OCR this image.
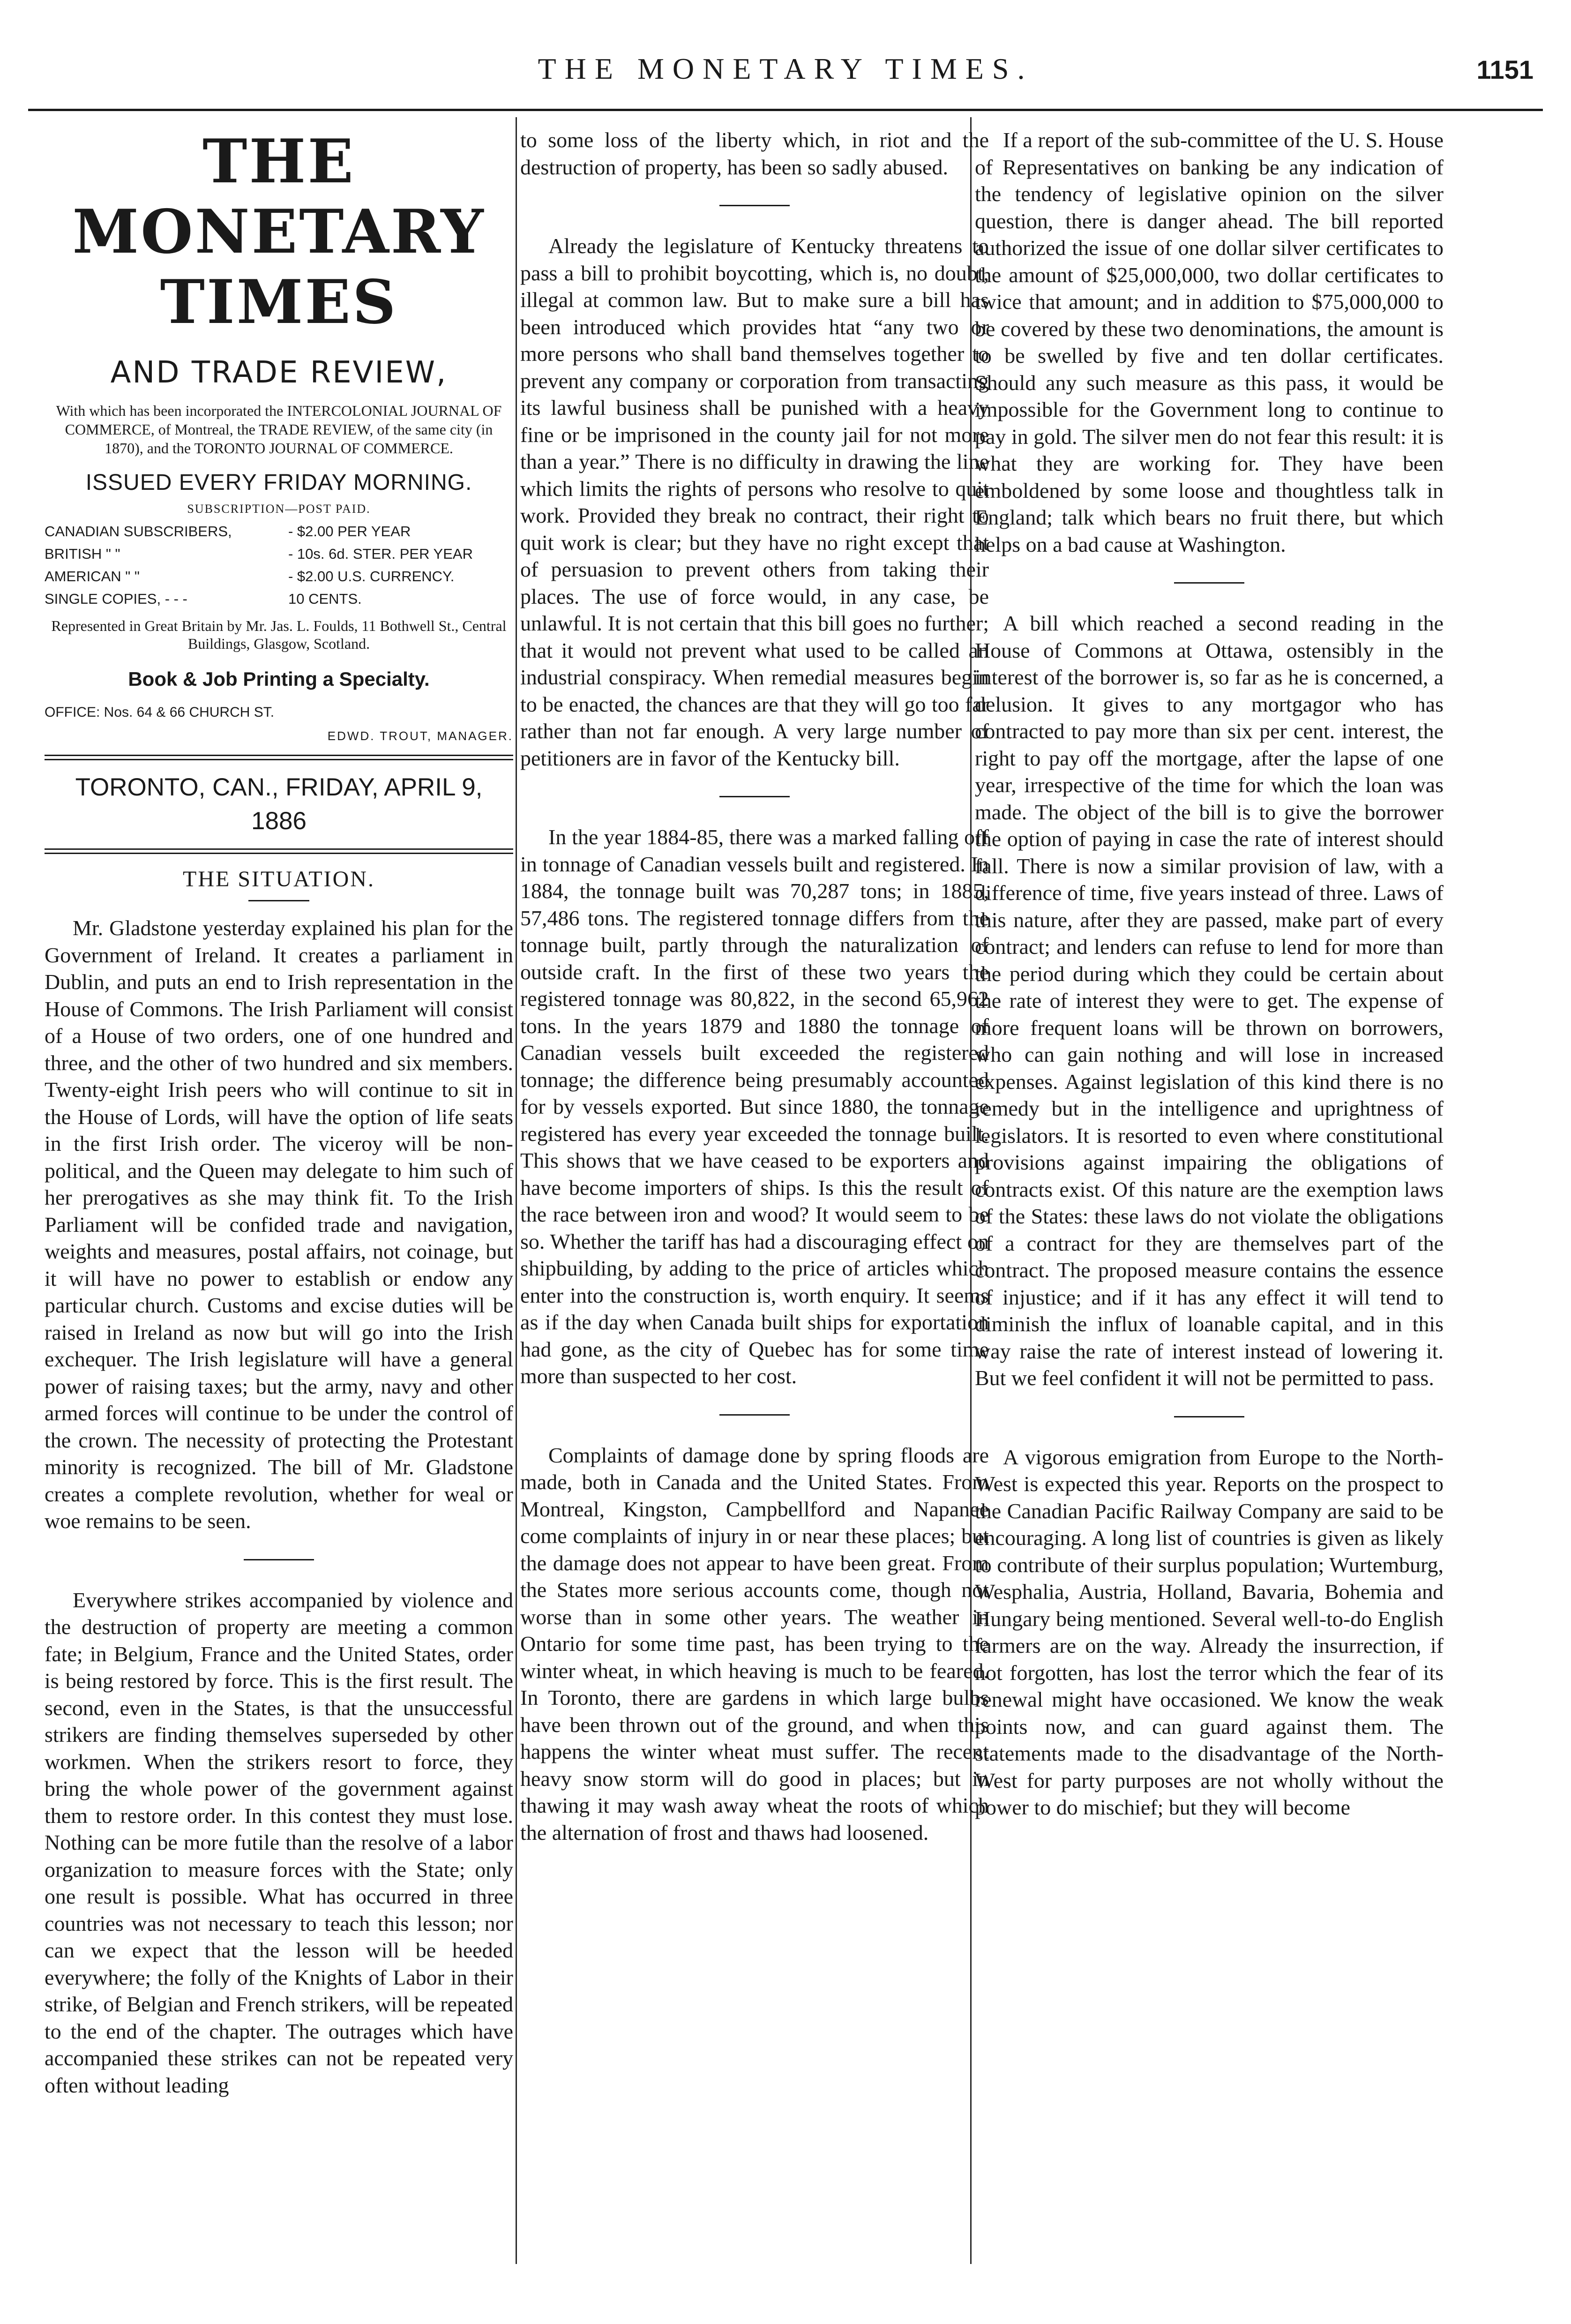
THE MONETARY TIMES.	1151
THE MONETARY TIMES
AND TRADE REVIEW,
With which has been incorporated the INTERCOLONIAL JOURNAL OF COMMERCE, of Montreal, the TRADE REVIEW, of the same city (in 1870), and the TORONTO JOURNAL OF COMMERCE.
ISSUED EVERY FRIDAY MORNING.
SUBSCRIPTION—POST PAID.
CANADIAN SUBSCRIBERS,	- $2.00 PER YEAR
BRITISH " "	- 10s. 6d. STER. PER YEAR
AMERICAN " "	- $2.00 U.S. CURRENCY.
SINGLE COPIES, - - -	10 CENTS.
Represented in Great Britain by Mr. Jas. L. Foulds, 11 Bothwell St., Central Buildings, Glasgow, Scotland.
Book & Job Printing a Specialty.
OFFICE: Nos. 64 & 66 CHURCH ST.
EDWD. TROUT, MANAGER.
TORONTO, CAN., FRIDAY, APRIL 9, 1886
THE SITUATION.

Mr. Gladstone yesterday explained his plan for the Government of Ireland. It creates a parliament in Dublin, and puts an end to Irish representation in the House of Commons. The Irish Parliament will consist of a House of two orders, one of one hundred and three, and the other of two hundred and six members. Twenty-eight Irish peers who will continue to sit in the House of Lords, will have the option of life seats in the first Irish order. The viceroy will be non-political, and the Queen may delegate to him such of her prerogatives as she may think fit. To the Irish Parliament will be confided trade and navigation, weights and measures, postal affairs, not coinage, but it will have no power to establish or endow any particular church. Customs and excise duties will be raised in Ireland as now but will go into the Irish exchequer. The Irish legislature will have a general power of raising taxes; but the army, navy and other armed forces will continue to be under the control of the crown. The necessity of protecting the Protestant minority is recognized. The bill of Mr. Gladstone creates a complete revolution, whether for weal or woe remains to be seen.

Everywhere strikes accompanied by violence and the destruction of property are meeting a common fate; in Belgium, France and the United States, order is being restored by force. This is the first result. The second, even in the States, is that the unsuccessful strikers are finding themselves superseded by other workmen. When the strikers resort to force, they bring the whole power of the government against them to restore order. In this contest they must lose. Nothing can be more futile than the resolve of a labor organization to measure forces with the State; only one result is possible. What has occurred in three countries was not necessary to teach this lesson; nor can we expect that the lesson will be heeded everywhere; the folly of the Knights of Labor in their strike, of Belgian and French strikers, will be repeated to the end of the chapter. The outrages which have accompanied these strikes can not be repeated very often without leading

to some loss of the liberty which, in riot and the destruction of property, has been so sadly abused.

Already the legislature of Kentucky threatens to pass a bill to prohibit boycotting, which is, no doubt, illegal at common law. But to make sure a bill has been introduced which provides htat “any two or more persons who shall band themselves together to prevent any company or corporation from transacting its lawful business shall be punished with a heavy fine or be imprisoned in the county jail for not more than a year.” There is no difficulty in drawing the line which limits the rights of persons who resolve to quit work. Provided they break no contract, their right to quit work is clear; but they have no right except that of persuasion to prevent others from taking their places. The use of force would, in any case, be unlawful. It is not certain that this bill goes no further; that it would not prevent what used to be called an industrial conspiracy. When remedial measures begin to be enacted, the chances are that they will go too far rather than not far enough. A very large number of petitioners are in favor of the Kentucky bill.

In the year 1884-85, there was a marked falling off in tonnage of Canadian vessels built and registered. In 1884, the tonnage built was 70,287 tons; in 1885, 57,486 tons. The registered tonnage differs from the tonnage built, partly through the naturalization of outside craft. In the first of these two years the registered tonnage was 80,822, in the second 65,962 tons. In the years 1879 and 1880 the tonnage of Canadian vessels built exceeded the registered tonnage; the difference being presumably accounted for by vessels exported. But since 1880, the tonnage registered has every year exceeded the tonnage built. This shows that we have ceased to be exporters and have become importers of ships. Is this the result of the race between iron and wood? It would seem to be so. Whether the tariff has had a discouraging effect on shipbuilding, by adding to the price of articles which enter into the construction is, worth enquiry. It seems as if the day when Canada built ships for exportation had gone, as the city of Quebec has for some time more than suspected to her cost.

Complaints of damage done by spring floods are made, both in Canada and the United States. From Montreal, Kingston, Campbellford and Napanee come complaints of injury in or near these places; but the damage does not appear to have been great. From the States more serious accounts come, though not worse than in some other years. The weather in Ontario for some time past, has been trying to the winter wheat, in which heaving is much to be feared. In Toronto, there are gardens in which large bulbs have been thrown out of the ground, and when this happens the winter wheat must suffer. The recent heavy snow storm will do good in places; but in thawing it may wash away wheat the roots of which the alternation of frost and thaws had loosened.

If a report of the sub-committee of the U. S. House of Representatives on banking be any indication of the tendency of legislative opinion on the silver question, there is danger ahead. The bill reported authorized the issue of one dollar silver certificates to the amount of $25,000,000, two dollar certificates to twice that amount; and in addition to $75,000,000 to be covered by these two denominations, the amount is to be swelled by five and ten dollar certificates. Should any such measure as this pass, it would be impossible for the Government long to continue to pay in gold. The silver men do not fear this result: it is what they are working for. They have been emboldened by some loose and thoughtless talk in England; talk which bears no fruit there, but which helps on a bad cause at Washington.

A bill which reached a second reading in the House of Commons at Ottawa, ostensibly in the interest of the borrower is, so far as he is concerned, a delusion. It gives to any mortgagor who has contracted to pay more than six per cent. interest, the right to pay off the mortgage, after the lapse of one year, irrespective of the time for which the loan was made. The object of the bill is to give the borrower the option of paying in case the rate of interest should fall. There is now a similar provision of law, with a difference of time, five years instead of three. Laws of this nature, after they are passed, make part of every contract; and lenders can refuse to lend for more than the period during which they could be certain about the rate of interest they were to get. The expense of more frequent loans will be thrown on borrowers, who can gain nothing and will lose in increased expenses. Against legislation of this kind there is no remedy but in the intelligence and uprightness of legislators. It is resorted to even where constitutional provisions against impairing the obligations of contracts exist. Of this nature are the exemption laws of the States: these laws do not violate the obligations of a contract for they are themselves part of the contract. The proposed measure contains the essence of injustice; and if it has any effect it will tend to diminish the influx of loanable capital, and in this way raise the rate of interest instead of lowering it. But we feel confident it will not be permitted to pass.

A vigorous emigration from Europe to the North-West is expected this year. Reports on the prospect to the Canadian Pacific Railway Company are said to be encouraging. A long list of countries is given as likely to contribute of their surplus population; Wurtemburg, Wesphalia, Austria, Holland, Bavaria, Bohemia and Hungary being mentioned. Several well-to-do English farmers are on the way. Already the insurrection, if not forgotten, has lost the terror which the fear of its renewal might have occasioned. We know the weak points now, and can guard against them. The statements made to the disadvantage of the North-West for party purposes are not wholly without the power to do mischief; but they will become
